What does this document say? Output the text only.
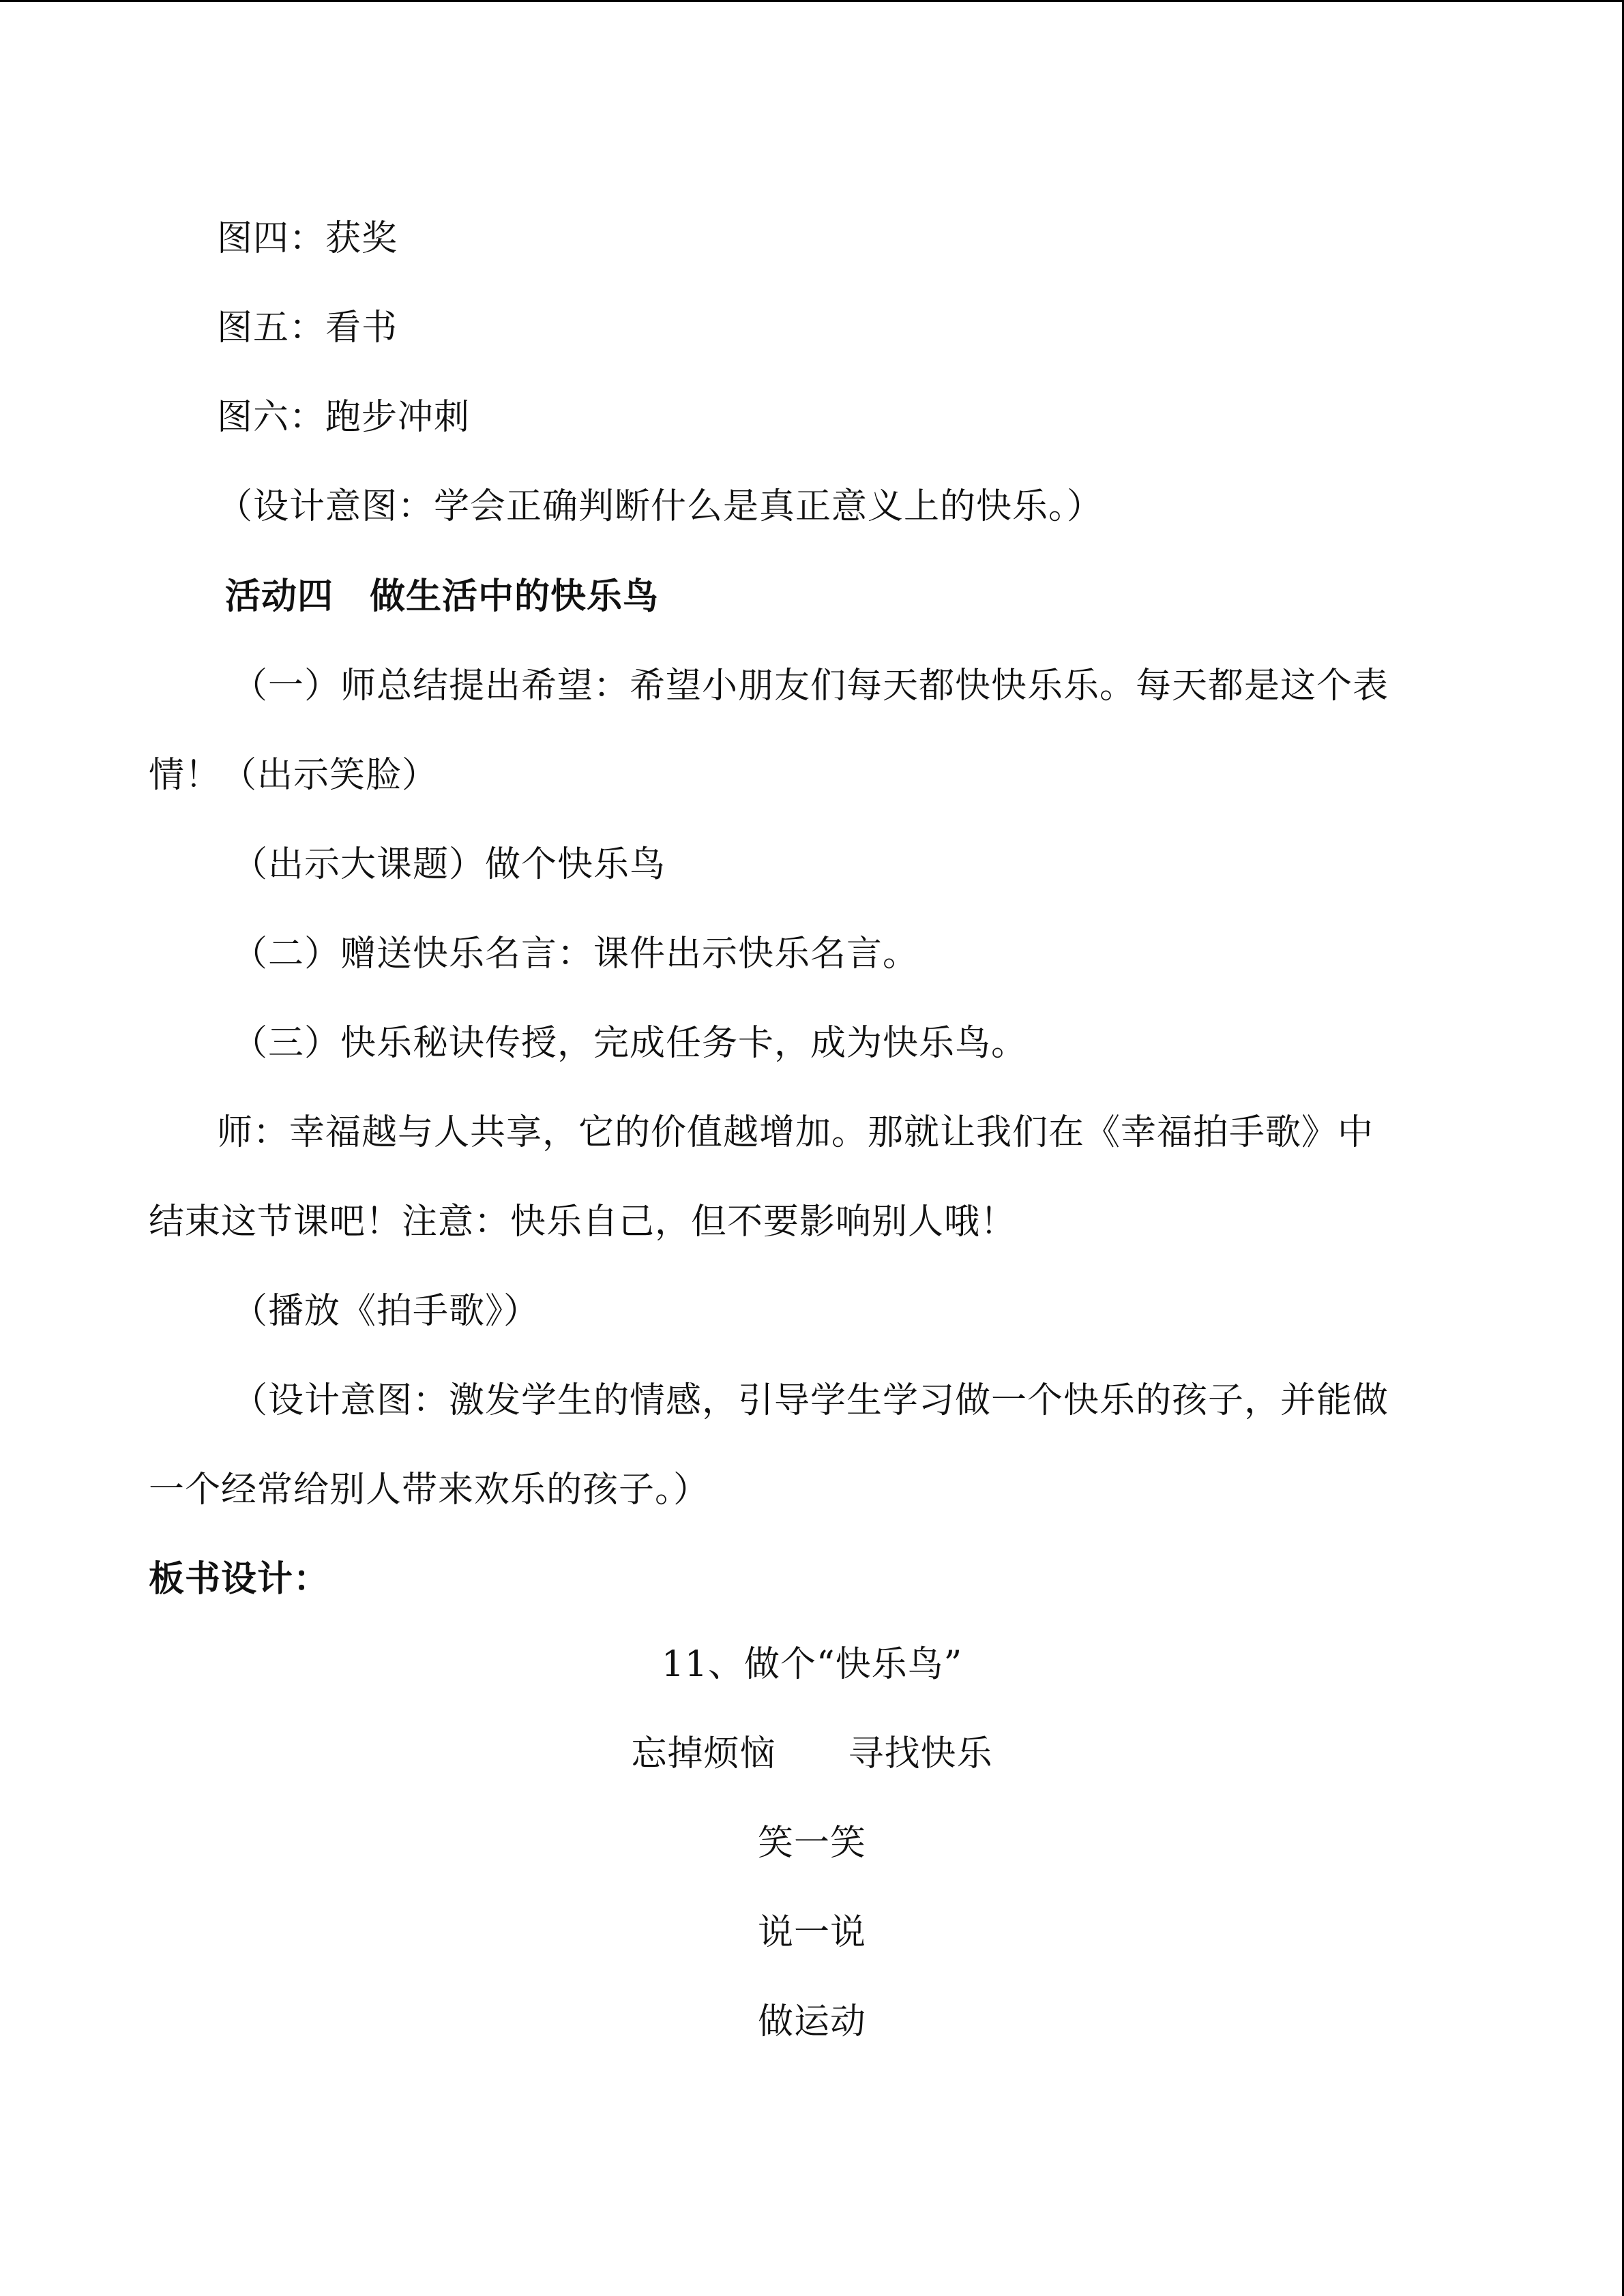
图四：获奖
图五：看书
图六：跑步冲刺
（设计意图：学会正确判断什么是真正意义上的快乐。）
活动四　做生活中的快乐鸟
（一）师总结提出希望：希望小朋友们每天都快快乐乐。每天都是这个表
情！（出示笑脸）
（出示大课题）做个快乐鸟
（二）赠送快乐名言：课件出示快乐名言。
（三）快乐秘诀传授，完成任务卡，成为快乐鸟。
师：幸福越与人共享，它的价值越增加。那就让我们在《幸福拍手歌》中
结束这节课吧！注意：快乐自己，但不要影响别人哦！
（播放《拍手歌》）
（设计意图：激发学生的情感，引导学生学习做一个快乐的孩子，并能做
一个经常给别人带来欢乐的孩子。）
板书设计：
11、做个“快乐鸟”
忘掉烦恼　　寻找快乐
笑一笑
说一说
做运动
